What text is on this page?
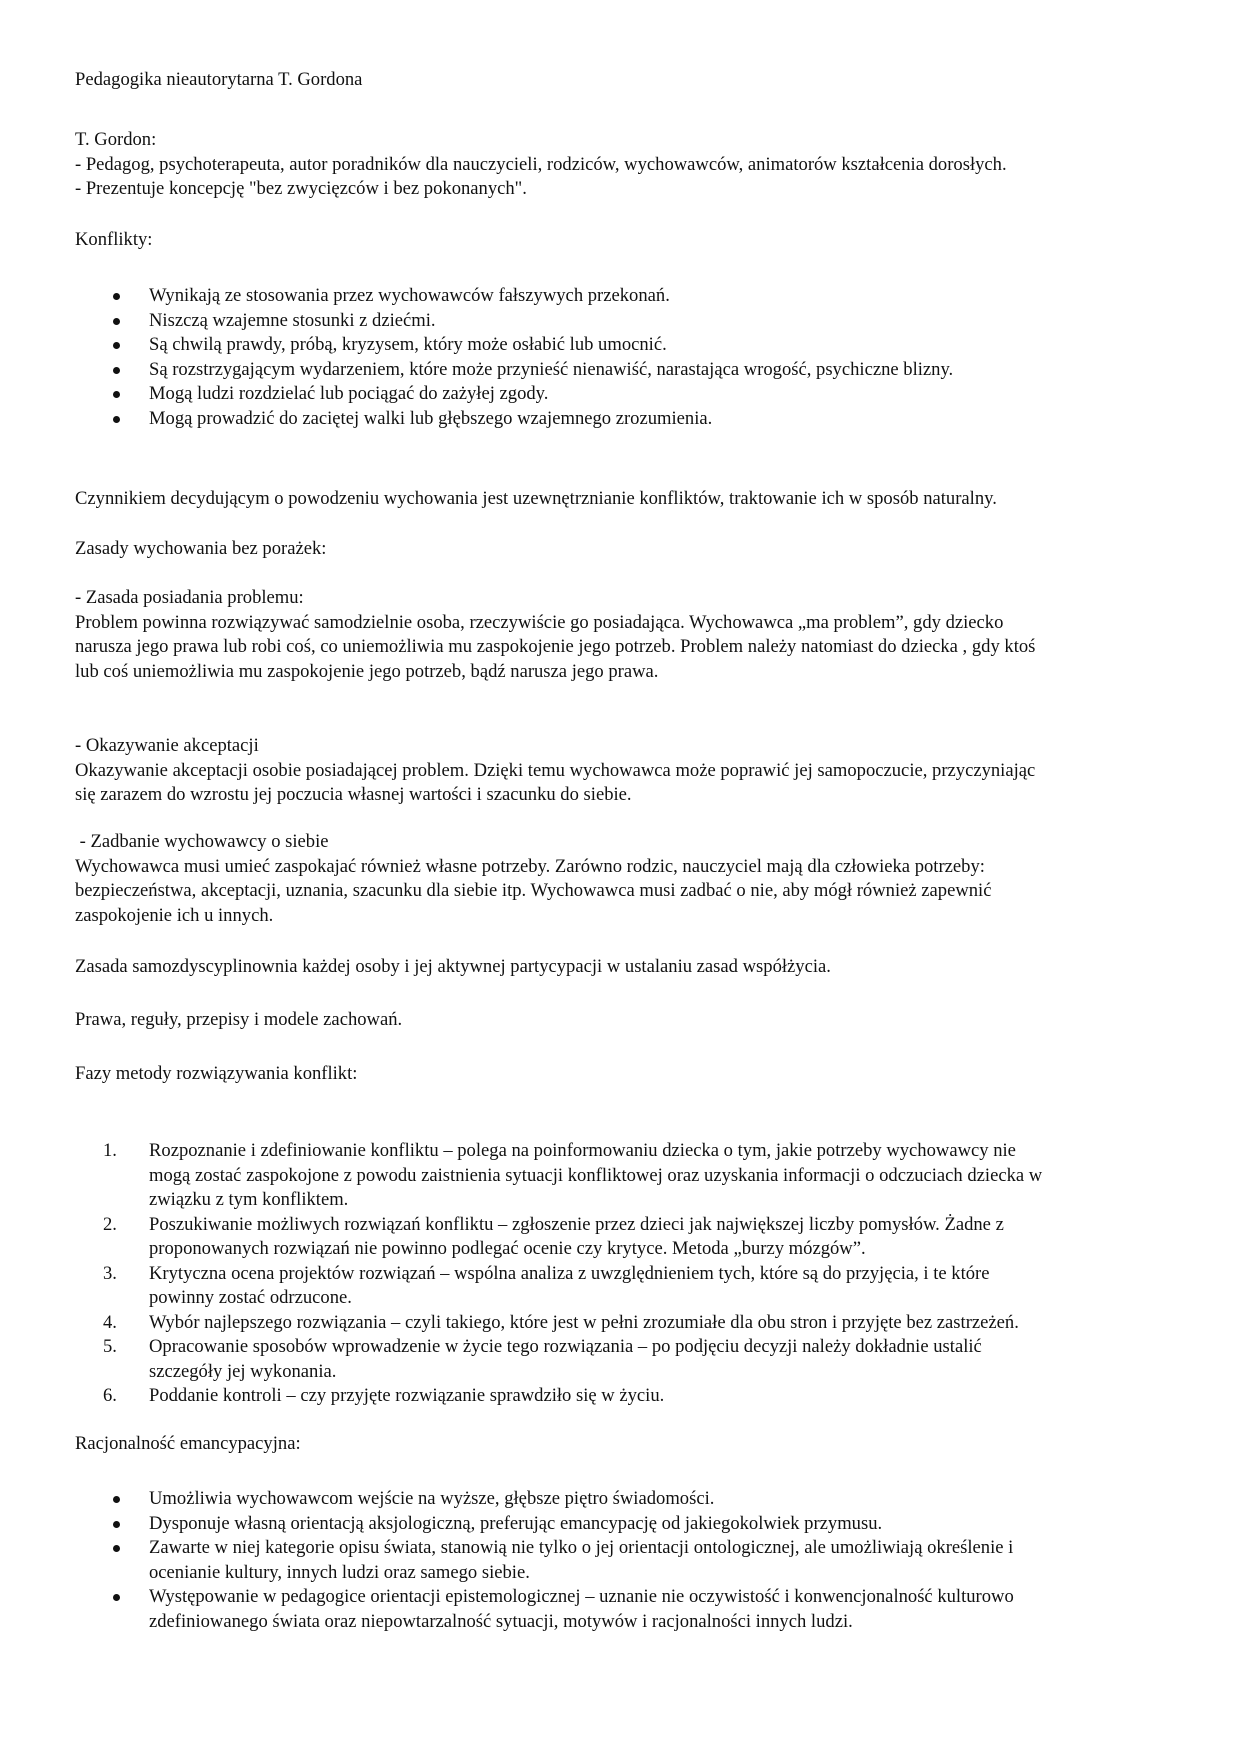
Pedagogika nieautorytarna T. Gordona

T. Gordon:
- Pedagog, psychoterapeuta, autor poradników dla nauczycieli, rodziców, wychowawców, animatorów kształcenia dorosłych.
- Prezentuje koncepcję "bez zwycięzców i bez pokonanych".

Konflikty:

Wynikają ze stosowania przez wychowawców fałszywych przekonań.
Niszczą wzajemne stosunki z dziećmi.
Są chwilą prawdy, próbą, kryzysem, który może osłabić lub umocnić.
Są rozstrzygającym wydarzeniem, które może przynieść nienawiść, narastająca wrogość, psychiczne blizny.
Mogą ludzi rozdzielać lub pociągać do zażyłej zgody.
Mogą prowadzić do zaciętej walki lub głębszego wzajemnego zrozumienia.

Czynnikiem decydującym o powodzeniu wychowania jest uzewnętrznianie konfliktów, traktowanie ich w sposób naturalny.

Zasady wychowania bez porażek:

- Zasada posiadania problemu:
Problem powinna rozwiązywać samodzielnie osoba, rzeczywiście go posiadająca. Wychowawca „ma problem”, gdy dziecko
narusza jego prawa lub robi coś, co uniemożliwia mu zaspokojenie jego potrzeb. Problem należy natomiast do dziecka , gdy ktoś
lub coś uniemożliwia mu zaspokojenie jego potrzeb, bądź narusza jego prawa.

- Okazywanie akceptacji
Okazywanie akceptacji osobie posiadającej problem. Dzięki temu wychowawca może poprawić jej samopoczucie, przyczyniając
się zarazem do wzrostu jej poczucia własnej wartości i szacunku do siebie.

- Zadbanie wychowawcy o siebie
Wychowawca musi umieć zaspokajać również własne potrzeby. Zarówno rodzic, nauczyciel mają dla człowieka potrzeby:
bezpieczeństwa, akceptacji, uznania, szacunku dla siebie itp. Wychowawca musi zadbać o nie, aby mógł również zapewnić
zaspokojenie ich u innych.

Zasada samozdyscyplinownia każdej osoby i jej aktywnej partycypacji w ustalaniu zasad współżycia.

Prawa, reguły, przepisy i modele zachowań.

Fazy metody rozwiązywania konflikt:

1.	Rozpoznanie i zdefiniowanie konfliktu – polega na poinformowaniu dziecka o tym, jakie potrzeby wychowawcy nie
mogą zostać zaspokojone z powodu zaistnienia sytuacji konfliktowej oraz uzyskania informacji o odczuciach dziecka w
związku z tym konfliktem.
2.	Poszukiwanie możliwych rozwiązań konfliktu – zgłoszenie przez dzieci jak największej liczby pomysłów. Żadne z
proponowanych rozwiązań nie powinno podlegać ocenie czy krytyce. Metoda „burzy mózgów”.
3.	Krytyczna ocena projektów rozwiązań – wspólna analiza z uwzględnieniem tych, które są do przyjęcia, i te które
powinny zostać odrzucone.
4.	Wybór najlepszego rozwiązania – czyli takiego, które jest w pełni zrozumiałe dla obu stron i przyjęte bez zastrzeżeń.
5.	Opracowanie sposobów wprowadzenie w życie tego rozwiązania – po podjęciu decyzji należy dokładnie ustalić
szczegóły jej wykonania.
6.	Poddanie kontroli – czy przyjęte rozwiązanie sprawdziło się w życiu.

Racjonalność emancypacyjna:

Umożliwia wychowawcom wejście na wyższe, głębsze piętro świadomości.
Dysponuje własną orientacją aksjologiczną, preferując emancypację od jakiegokolwiek przymusu.
Zawarte w niej kategorie opisu świata, stanowią nie tylko o jej orientacji ontologicznej, ale umożliwiają określenie i
ocenianie kultury, innych ludzi oraz samego siebie.
Występowanie w pedagogice orientacji epistemologicznej – uznanie nie oczywistość i konwencjonalność kulturowo
zdefiniowanego świata oraz niepowtarzalność sytuacji, motywów i racjonalności innych ludzi.
